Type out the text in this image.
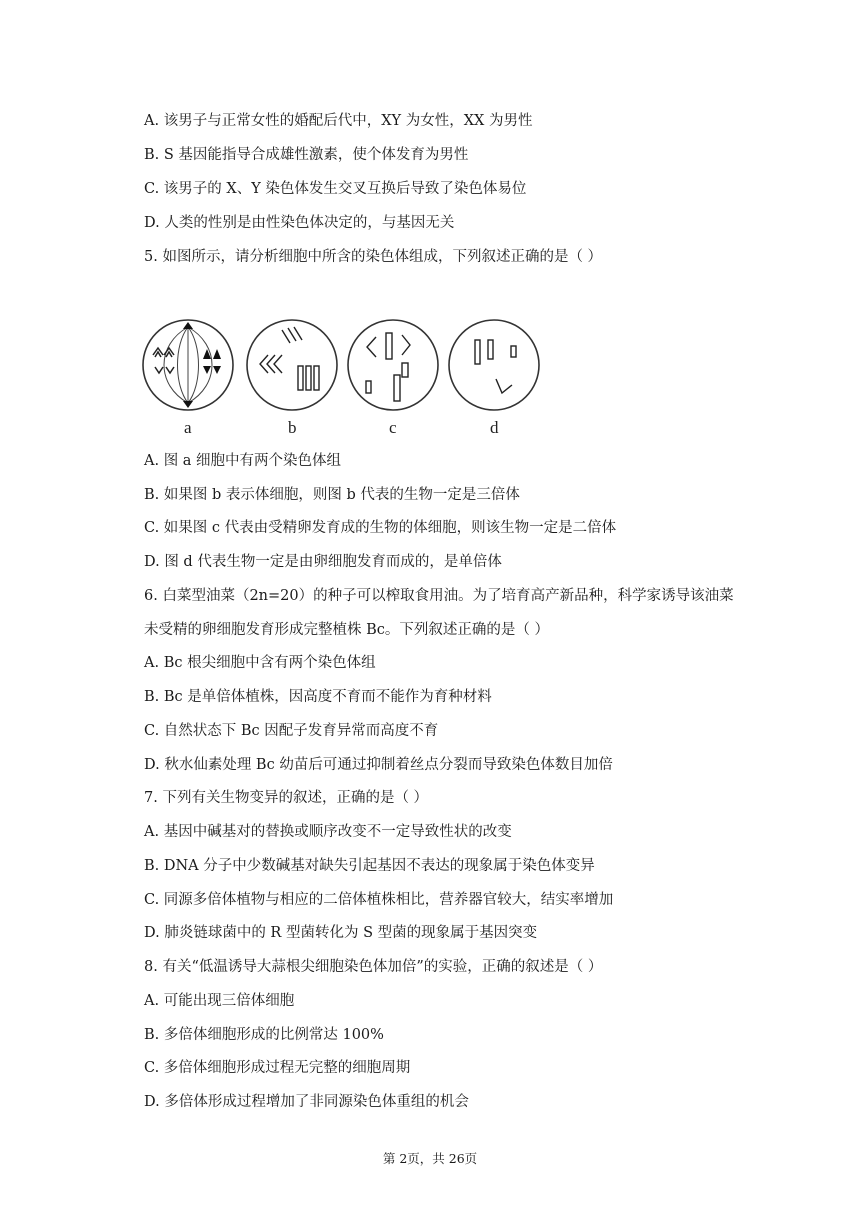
A. 该男子与正常女性的婚配后代中，XY 为女性，XX 为男性
B. S 基因能指导合成雄性激素，使个体发育为男性
C. 该男子的 X、Y 染色体发生交叉互换后导致了染色体易位
D. 人类的性别是由性染色体决定的，与基因无关
5. 如图所示，请分析细胞中所含的染色体组成，下列叙述正确的是（ ）
a	b	c	d
A. 图 a 细胞中有两个染色体组
B. 如果图 b 表示体细胞，则图 b 代表的生物一定是三倍体
C. 如果图 c 代表由受精卵发育成的生物的体细胞，则该生物一定是二倍体
D. 图 d 代表生物一定是由卵细胞发育而成的，是单倍体
6. 白菜型油菜（2n=20）的种子可以榨取食用油。为了培育高产新品种，科学家诱导该油菜
未受精的卵细胞发育形成完整植株 Bc。下列叙述正确的是（ ）
A. Bc 根尖细胞中含有两个染色体组
B. Bc 是单倍体植株，因高度不育而不能作为育种材料
C. 自然状态下 Bc 因配子发育异常而高度不育
D. 秋水仙素处理 Bc 幼苗后可通过抑制着丝点分裂而导致染色体数目加倍
7. 下列有关生物变异的叙述，正确的是（ ）
A. 基因中碱基对的替换或顺序改变不一定导致性状的改变
B. DNA 分子中少数碱基对缺失引起基因不表达的现象属于染色体变异
C. 同源多倍体植物与相应的二倍体植株相比，营养器官较大，结实率增加
D. 肺炎链球菌中的 R 型菌转化为 S 型菌的现象属于基因突变
8. 有关“低温诱导大蒜根尖细胞染色体加倍”的实验，正确的叙述是（ ）
A. 可能出现三倍体细胞
B. 多倍体细胞形成的比例常达 100%
C. 多倍体细胞形成过程无完整的细胞周期
D. 多倍体形成过程增加了非同源染色体重组的机会
第 2页，共 26页
